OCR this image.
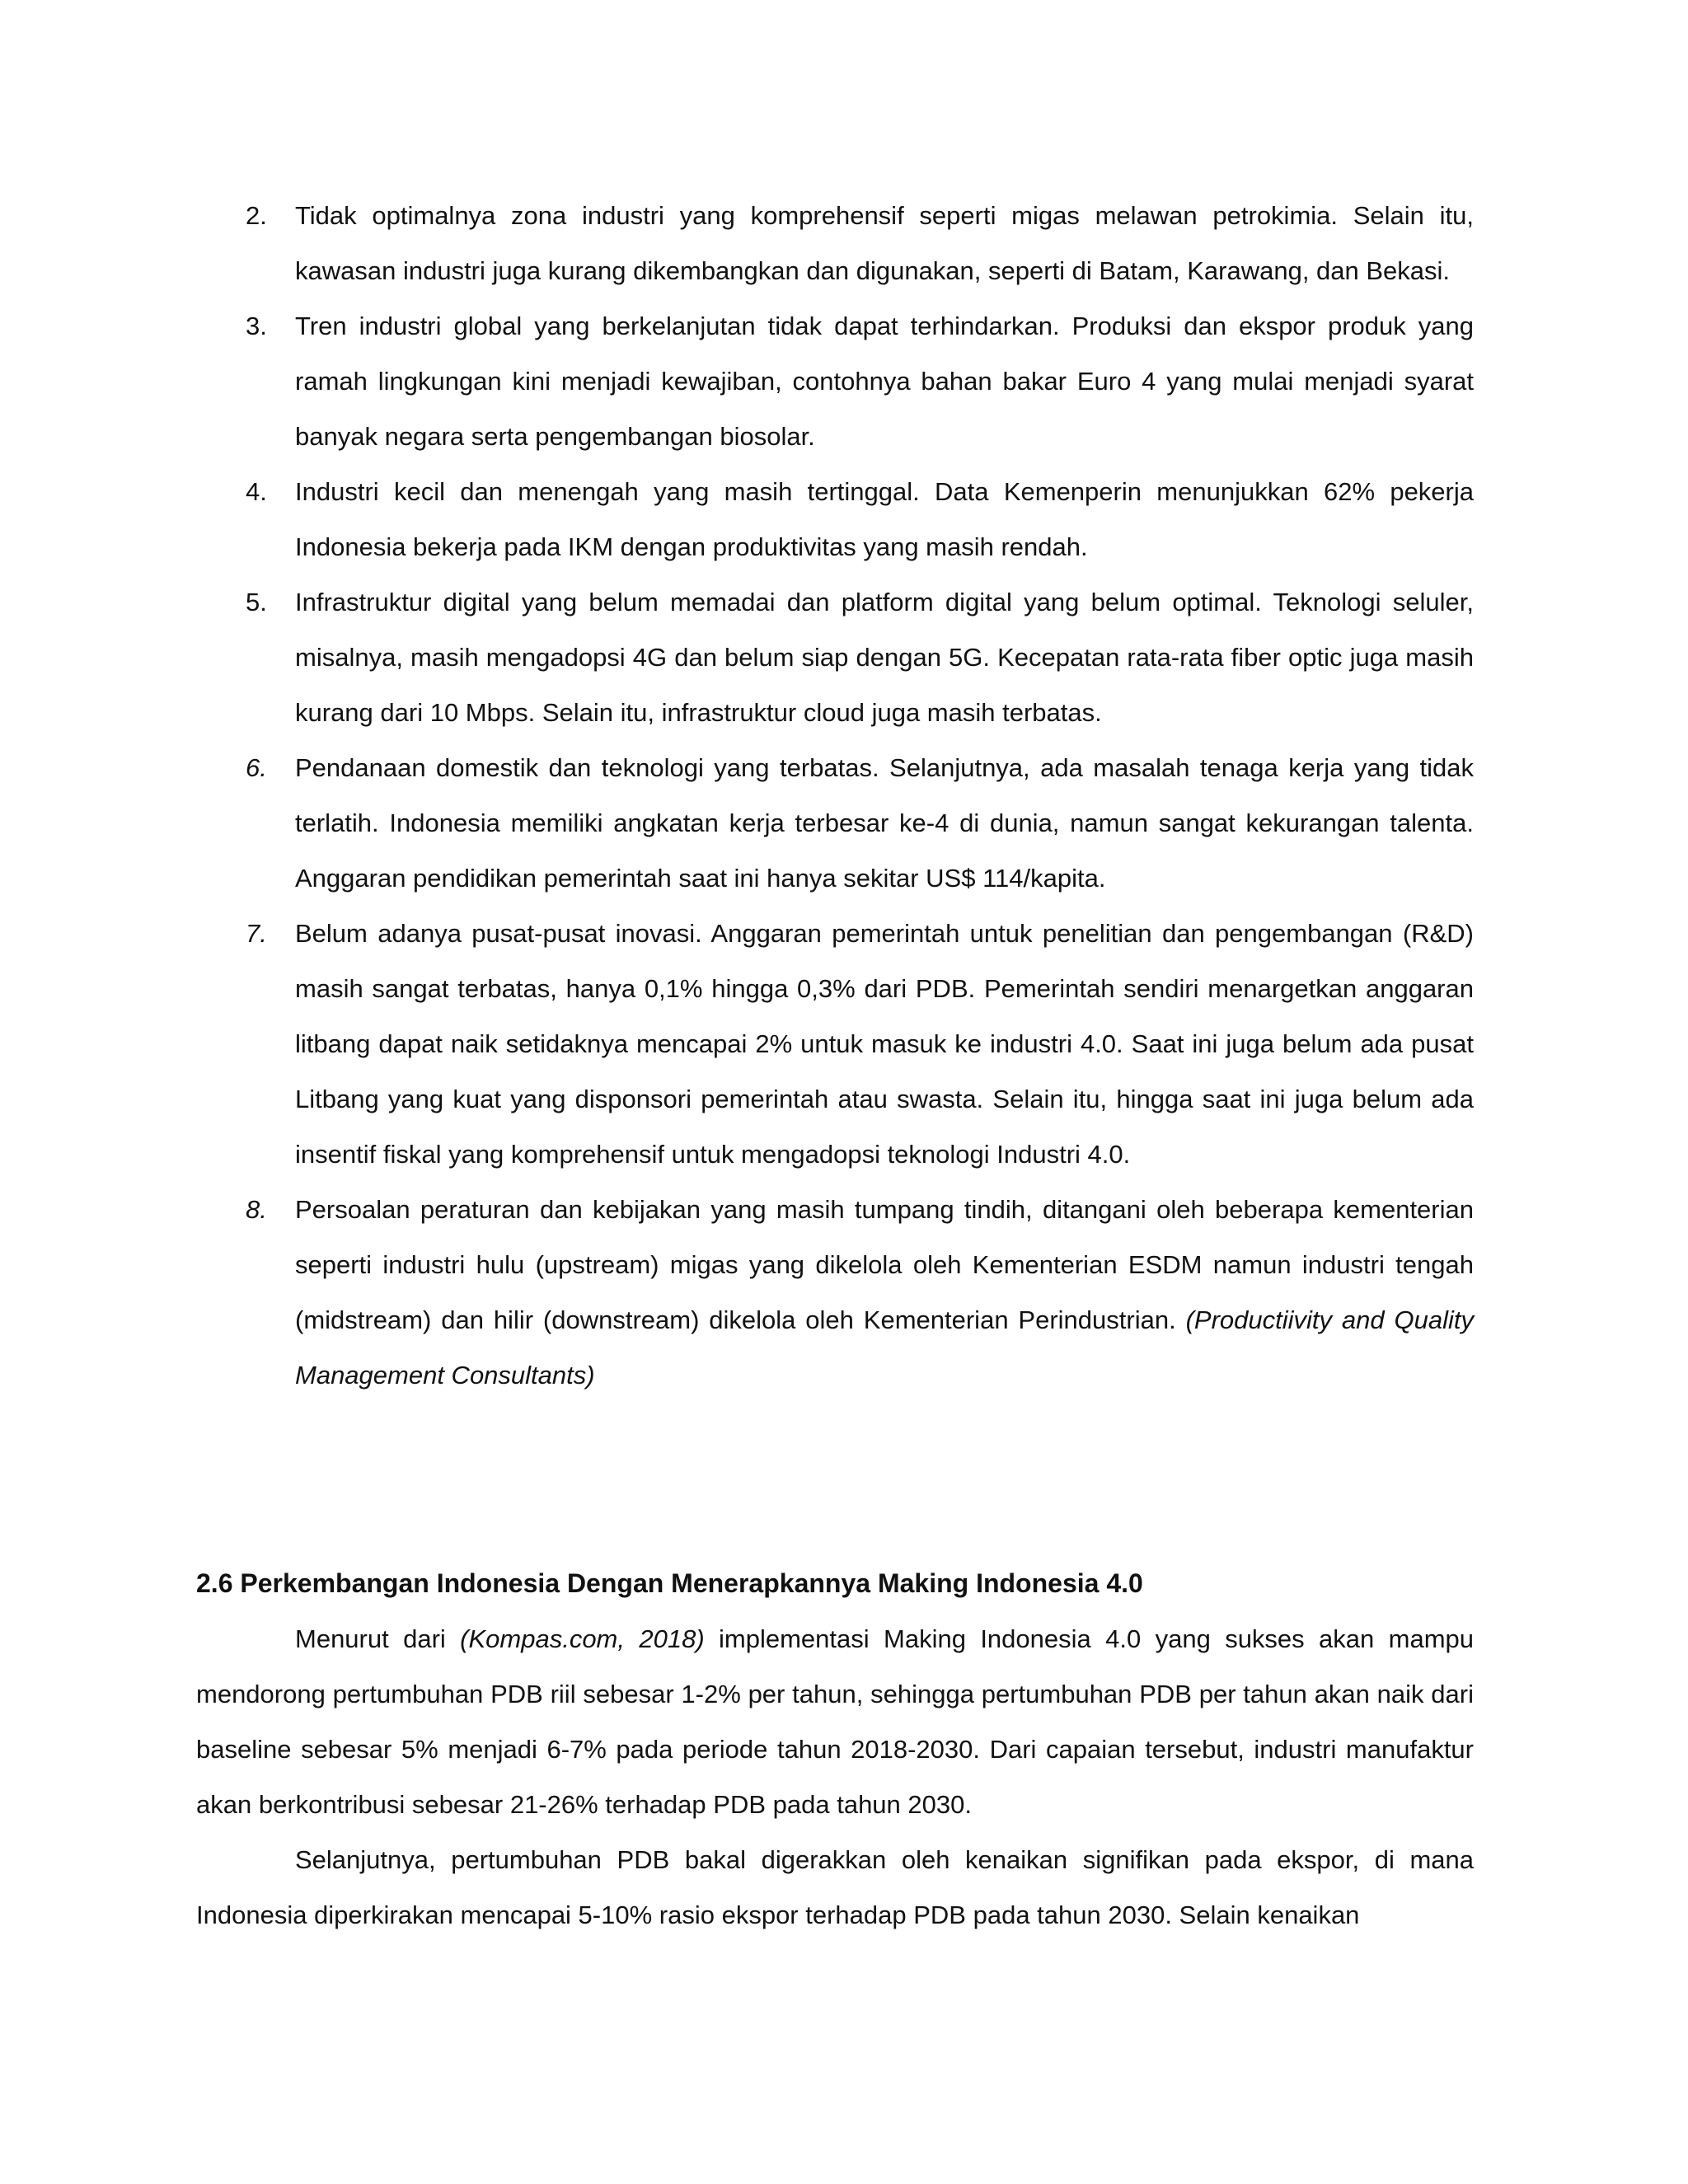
2.	Tidak optimalnya zona industri yang komprehensif seperti migas melawan petrokimia. Selain itu, kawasan industri juga kurang dikembangkan dan digunakan, seperti di Batam, Karawang, dan Bekasi.
3.	Tren industri global yang berkelanjutan tidak dapat terhindarkan. Produksi dan ekspor produk yang ramah lingkungan kini menjadi kewajiban, contohnya bahan bakar Euro 4 yang mulai menjadi syarat banyak negara serta pengembangan biosolar.
4.	Industri kecil dan menengah yang masih tertinggal. Data Kemenperin menunjukkan 62% pekerja Indonesia bekerja pada IKM dengan produktivitas yang masih rendah.
5.	Infrastruktur digital yang belum memadai dan platform digital yang belum optimal. Teknologi seluler, misalnya, masih mengadopsi 4G dan belum siap dengan 5G. Kecepatan rata-rata fiber optic juga masih kurang dari 10 Mbps. Selain itu, infrastruktur cloud juga masih terbatas.
6.	Pendanaan domestik dan teknologi yang terbatas. Selanjutnya, ada masalah tenaga kerja yang tidak terlatih. Indonesia memiliki angkatan kerja terbesar ke-4 di dunia, namun sangat kekurangan talenta. Anggaran pendidikan pemerintah saat ini hanya sekitar US$ 114/kapita.
7.	Belum adanya pusat-pusat inovasi. Anggaran pemerintah untuk penelitian dan pengembangan (R&D) masih sangat terbatas, hanya 0,1% hingga 0,3% dari PDB. Pemerintah sendiri menargetkan anggaran litbang dapat naik setidaknya mencapai 2% untuk masuk ke industri 4.0. Saat ini juga belum ada pusat Litbang yang kuat yang disponsori pemerintah atau swasta. Selain itu, hingga saat ini juga belum ada insentif fiskal yang komprehensif untuk mengadopsi teknologi Industri 4.0.
8.	Persoalan peraturan dan kebijakan yang masih tumpang tindih, ditangani oleh beberapa kementerian seperti industri hulu (upstream) migas yang dikelola oleh Kementerian ESDM namun industri tengah (midstream) dan hilir (downstream) dikelola oleh Kementerian Perindustrian. (Productiivity and Quality Management Consultants)
2.6 Perkembangan Indonesia Dengan Menerapkannya Making Indonesia 4.0

Menurut dari (Kompas.com, 2018) implementasi Making Indonesia 4.0 yang sukses akan mampu mendorong pertumbuhan PDB riil sebesar 1-2% per tahun, sehingga pertumbuhan PDB per tahun akan naik dari baseline sebesar 5% menjadi 6-7% pada periode tahun 2018-2030. Dari capaian tersebut, industri manufaktur akan berkontribusi sebesar 21-26% terhadap PDB pada tahun 2030.

Selanjutnya, pertumbuhan PDB bakal digerakkan oleh kenaikan signifikan pada ekspor, di mana Indonesia diperkirakan mencapai 5-10% rasio ekspor terhadap PDB pada tahun 2030. Selain kenaikan
